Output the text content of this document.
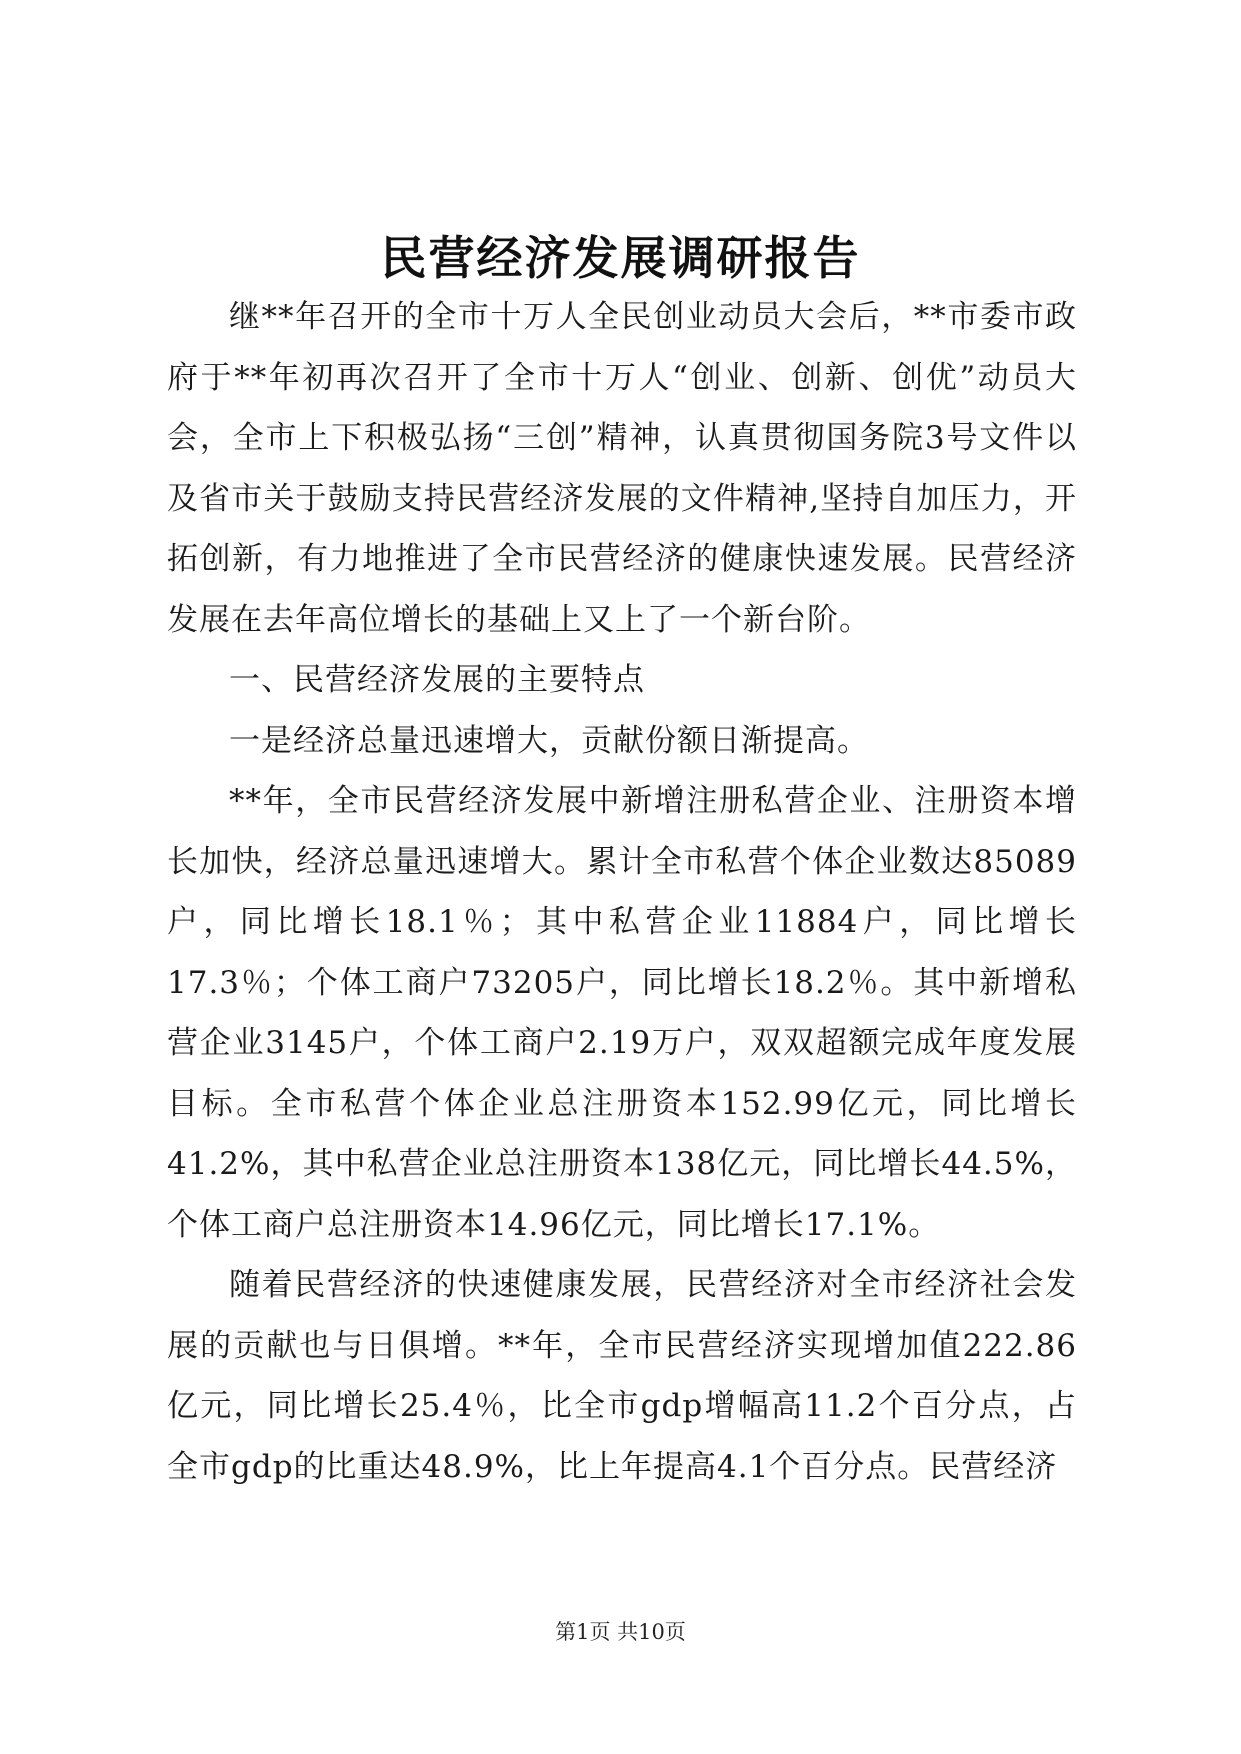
民营经济发展调研报告

继**年召开的全市十万人全民创业动员大会后，**市委市政府于**年初再次召开了全市十万人“创业、创新、创优”动员大会，全市上下积极弘扬“三创”精神，认真贯彻国务院3号文件以及省市关于鼓励支持民营经济发展的文件精神,坚持自加压力，开拓创新，有力地推进了全市民营经济的健康快速发展。民营经济发展在去年高位增长的基础上又上了一个新台阶。

一、民营经济发展的主要特点

一是经济总量迅速增大，贡献份额日渐提高。

**年，全市民营经济发展中新增注册私营企业、注册资本增长加快，经济总量迅速增大。累计全市私营个体企业数达85089户，同比增长18.1％；其中私营企业11884户，同比增长17.3％；个体工商户73205户，同比增长18.2％。其中新增私营企业3145户，个体工商户2.19万户，双双超额完成年度发展目标。全市私营个体企业总注册资本152.99亿元，同比增长41.2%，其中私营企业总注册资本138亿元，同比增长44.5%，个体工商户总注册资本14.96亿元，同比增长17.1%。

随着民营经济的快速健康发展，民营经济对全市经济社会发展的贡献也与日俱增。**年，全市民营经济实现增加值222.86亿元，同比增长25.4％，比全市gdp增幅高11.2个百分点，占全市gdp的比重达48.9%，比上年提高4.1个百分点。民营经济

第1页 共10页
